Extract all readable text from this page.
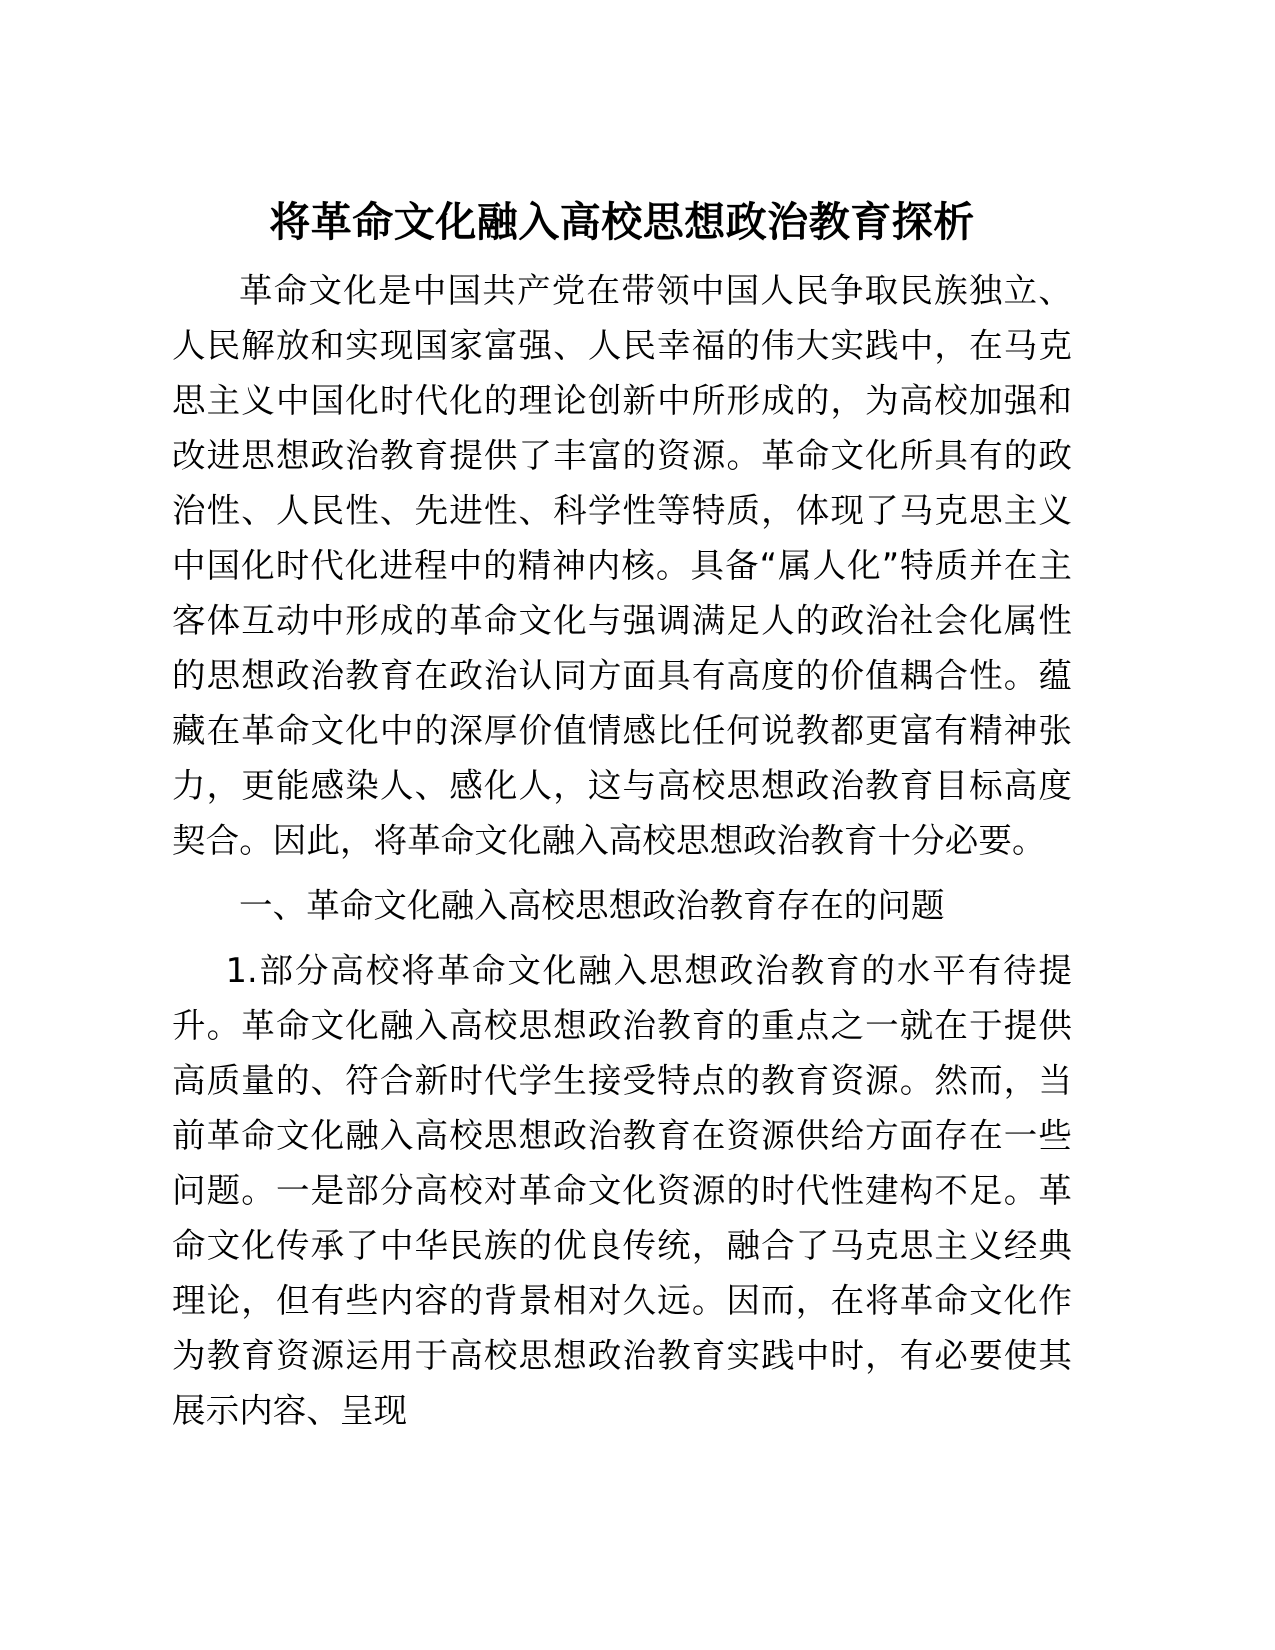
将革命文化融入高校思想政治教育探析

革命文化是中国共产党在带领中国人民争取民族独立、人民解放和实现国家富强、人民幸福的伟大实践中，在马克思主义中国化时代化的理论创新中所形成的，为高校加强和改进思想政治教育提供了丰富的资源。革命文化所具有的政治性、人民性、先进性、科学性等特质，体现了马克思主义中国化时代化进程中的精神内核。具备“属人化”特质并在主客体互动中形成的革命文化与强调满足人的政治社会化属性的思想政治教育在政治认同方面具有高度的价值耦合性。蕴藏在革命文化中的深厚价值情感比任何说教都更富有精神张力，更能感染人、感化人，这与高校思想政治教育目标高度契合。因此，将革命文化融入高校思想政治教育十分必要。

一、革命文化融入高校思想政治教育存在的问题

1.部分高校将革命文化融入思想政治教育的水平有待提升。革命文化融入高校思想政治教育的重点之一就在于提供高质量的、符合新时代学生接受特点的教育资源。然而，当前革命文化融入高校思想政治教育在资源供给方面存在一些问题。一是部分高校对革命文化资源的时代性建构不足。革命文化传承了中华民族的优良传统，融合了马克思主义经典理论，但有些内容的背景相对久远。因而，在将革命文化作为教育资源运用于高校思想政治教育实践中时，有必要使其展示内容、呈现
